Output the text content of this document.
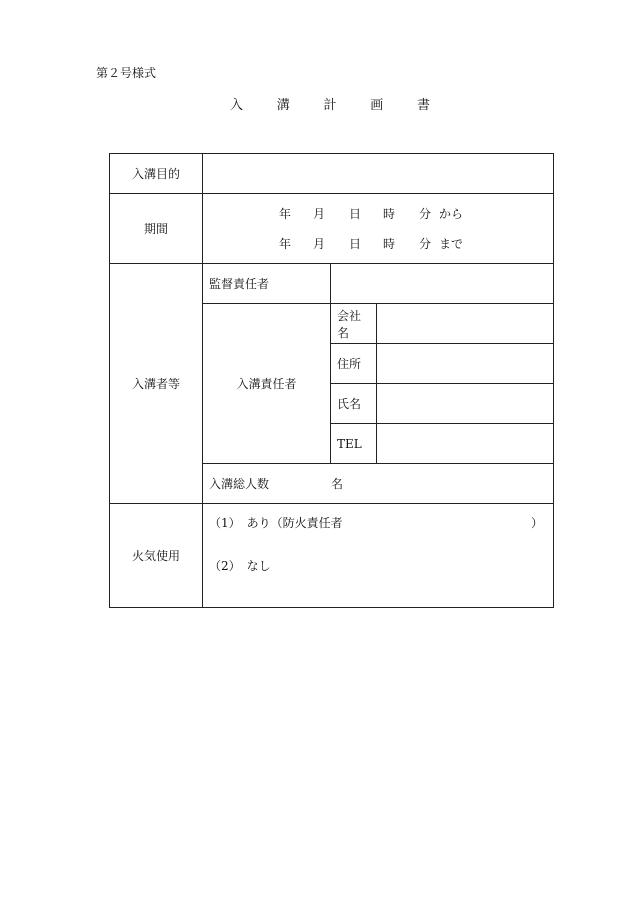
第２号様式
入	溝	計	画	書
入溝目的			
期間	年 月 日 時 分 から
年 月 日 時 分 まで		

入溝者等	監督責任者		
	入溝責任者	会社名	
		住所	
		氏名	
		TEL	
	入溝総人数 名		
火気使用	（1）　あり（防火責任者 ）
（2）　なし		
